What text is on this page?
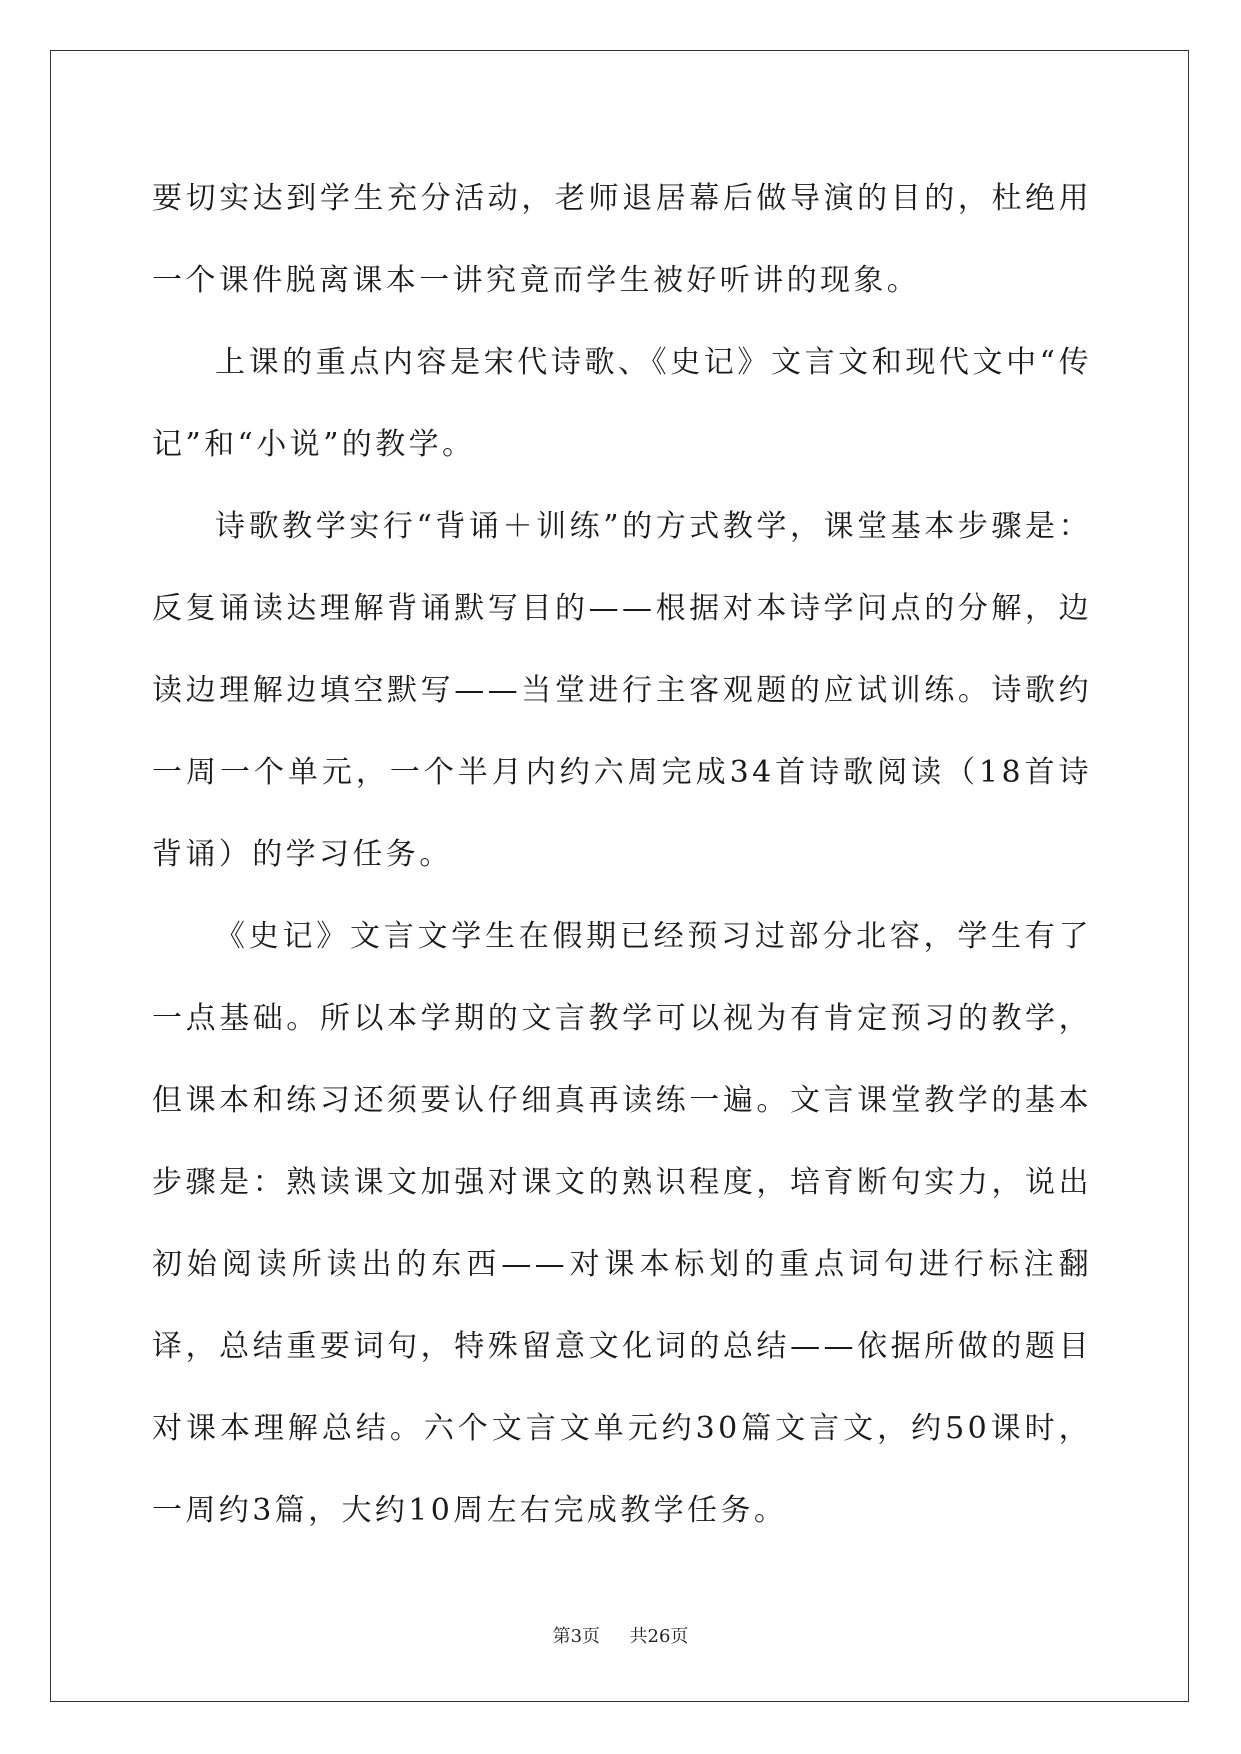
要切实达到学生充分活动，老师退居幕后做导演的目的，杜绝用一个课件脱离课本一讲究竟而学生被好听讲的现象。

上课的重点内容是宋代诗歌、《史记》文言文和现代文中“传记”和“小说”的教学。

诗歌教学实行“背诵＋训练”的方式教学，课堂基本步骤是：反复诵读达理解背诵默写目的——根据对本诗学问点的分解，边读边理解边填空默写——当堂进行主客观题的应试训练。诗歌约一周一个单元，一个半月内约六周完成34首诗歌阅读（18首诗背诵）的学习任务。

《史记》文言文学生在假期已经预习过部分北容，学生有了一点基础。所以本学期的文言教学可以视为有肯定预习的教学，但课本和练习还须要认仔细真再读练一遍。文言课堂教学的基本步骤是：熟读课文加强对课文的熟识程度，培育断句实力，说出初始阅读所读出的东西——对课本标划的重点词句进行标注翻译，总结重要词句，特殊留意文化词的总结——依据所做的题目对课本理解总结。六个文言文单元约30篇文言文，约50课时，一周约3篇，大约10周左右完成教学任务。

第3页 共26页
